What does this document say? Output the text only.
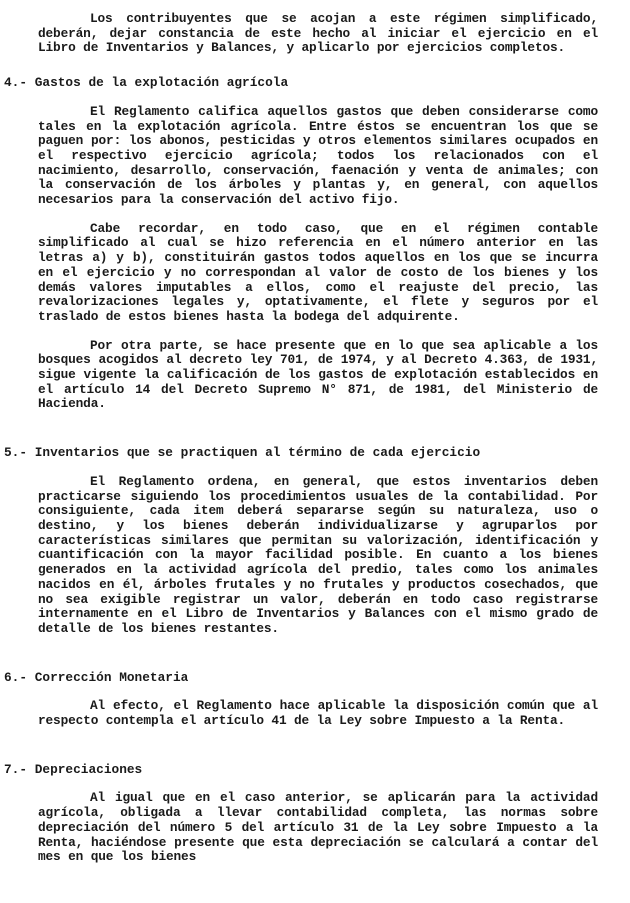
Los contribuyentes que se acojan a este régimen simplificado, deberán, dejar constancia de este hecho al iniciar el ejercicio en el Libro de Inventarios y Balances, y aplicarlo por ejercicios completos.

4.- Gastos de la explotación agrícola

El Reglamento califica aquellos gastos que deben considerarse como tales en la explotación agrícola. Entre éstos se encuentran los que se paguen por: los abonos, pesticidas y otros elementos similares ocupados en el respectivo ejercicio agrícola; todos los relacionados con el nacimiento, desarrollo, conservación, faenación y venta de animales; con la conservación de los árboles y plantas y, en general, con aquellos necesarios para la conservación del activo fijo.

Cabe recordar, en todo caso, que en el régimen contable simplificado al cual se hizo referencia en el número anterior en las letras a) y b), constituirán gastos todos aquellos en los que se incurra en el ejercicio y no correspondan al valor de costo de los bienes y los demás valores imputables a ellos, como el reajuste del precio, las revalorizaciones legales y, optativamente, el flete y seguros por el traslado de estos bienes hasta la bodega del adquirente.

Por otra parte, se hace presente que en lo que sea aplicable a los bosques acogidos al decreto ley 701, de 1974, y al Decreto 4.363, de 1931, sigue vigente la calificación de los gastos de explotación establecidos en el artículo 14 del Decreto Supremo N° 871, de 1981, del Ministerio de Hacienda.

5.- Inventarios que se practiquen al término de cada ejercicio

El Reglamento ordena, en general, que estos inventarios deben practicarse siguiendo los procedimientos usuales de la contabilidad. Por consiguiente, cada item deberá separarse según su naturaleza, uso o destino, y los bienes deberán individualizarse y agruparlos por características similares que permitan su valorización, identificación y cuantificación con la mayor facilidad posible. En cuanto a los bienes generados en la actividad agrícola del predio, tales como los animales nacidos en él, árboles frutales y no frutales y productos cosechados, que no sea exigible registrar un valor, deberán en todo caso registrarse internamente en el Libro de Inventarios y Balances con el mismo grado de detalle de los bienes restantes.

6.- Corrección Monetaria

Al efecto, el Reglamento hace aplicable la disposición común que al respecto contempla el artículo 41 de la Ley sobre Impuesto a la Renta.

7.- Depreciaciones

Al igual que en el caso anterior, se aplicarán para la actividad agrícola, obligada a llevar contabilidad completa, las normas sobre depreciación del número 5 del artículo 31 de la Ley sobre Impuesto a la Renta, haciéndose presente que esta depreciación se calculará a contar del mes en que los bienes
